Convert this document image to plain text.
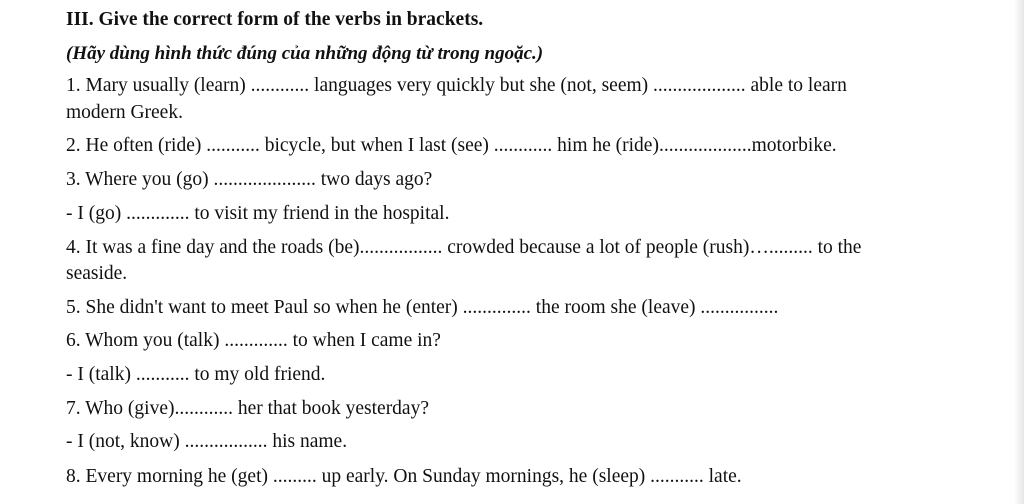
III. Give the correct form of the verbs in brackets.
(Hãy dùng hình thức đúng của những động từ trong ngoặc.)
1. Mary usually (learn) ............ languages very quickly but she (not, seem) ................... able to learn
modern Greek.
2. He often (ride) ........... bicycle, but when I last (see) ............ him he (ride)...................motorbike.
3. Where you (go) ..................... two days ago?
- I (go) ............. to visit my friend in the hospital.
4. It was a fine day and the roads (be)................. crowded because a lot of people (rush)…......... to the
seaside.
5. She didn't want to meet Paul so when he (enter) .............. the room she (leave) ................
6. Whom you (talk) ............. to when I came in?
- I (talk) ........... to my old friend.
7. Who (give)............ her that book yesterday?
- I (not, know) ................. his name.
8. Every morning he (get) ......... up early. On Sunday mornings, he (sleep) ........... late.
